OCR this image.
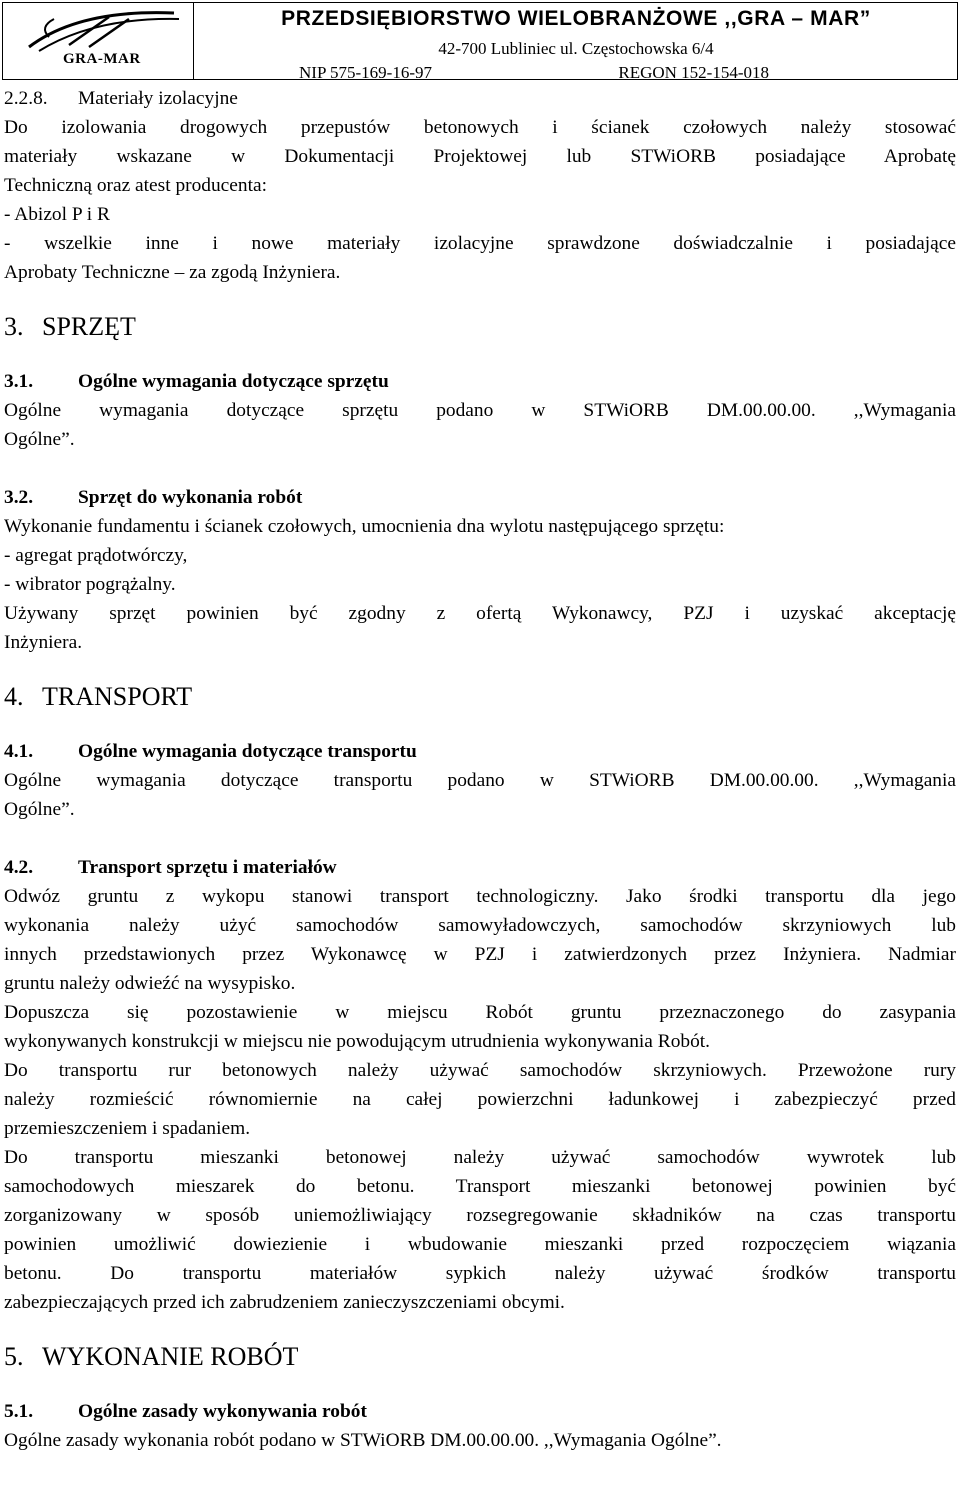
GRA-MAR
PRZEDSIĘBIORSTWO WIELOBRANŻOWE ,,GRA – MAR”
42-700 Lubliniec ul. Częstochowska 6/4
NIP 575-169-16-97	REGON 152-154-018
2.2.8. Materiały izolacyjne
Do izolowania drogowych przepustów betonowych i ścianek czołowych należy stosować
materiały wskazane w Dokumentacji Projektowej lub STWiORB posiadające Aprobatę
Techniczną oraz atest producenta:
- Abizol P i R
- wszelkie inne i nowe materiały izolacyjne sprawdzone doświadczalnie i posiadające
Aprobaty Techniczne – za zgodą Inżyniera.
3. SPRZĘT
3.1. Ogólne wymagania dotyczące sprzętu
Ogólne wymagania dotyczące sprzętu podano w STWiORB DM.00.00.00. ,,Wymagania
Ogólne”.
3.2. Sprzęt do wykonania robót
Wykonanie fundamentu i ścianek czołowych, umocnienia dna wylotu następującego sprzętu:
- agregat prądotwórczy,
- wibrator pogrążalny.
Używany sprzęt powinien być zgodny z ofertą Wykonawcy, PZJ i uzyskać akceptację
Inżyniera.
4. TRANSPORT
4.1. Ogólne wymagania dotyczące transportu
Ogólne wymagania dotyczące transportu podano w STWiORB DM.00.00.00. ,,Wymagania
Ogólne”.
4.2. Transport sprzętu i materiałów
Odwóz gruntu z wykopu stanowi transport technologiczny. Jako środki transportu dla jego
wykonania należy użyć samochodów samowyładowczych, samochodów skrzyniowych lub
innych przedstawionych przez Wykonawcę w PZJ i zatwierdzonych przez Inżyniera. Nadmiar
gruntu należy odwieźć na wysypisko.
Dopuszcza się pozostawienie w miejscu Robót gruntu przeznaczonego do zasypania
wykonywanych konstrukcji w miejscu nie powodującym utrudnienia wykonywania Robót.
Do transportu rur betonowych należy używać samochodów skrzyniowych. Przewożone rury
należy rozmieścić równomiernie na całej powierzchni ładunkowej i zabezpieczyć przed
przemieszczeniem i spadaniem.
Do transportu mieszanki betonowej należy używać samochodów wywrotek lub
samochodowych mieszarek do betonu. Transport mieszanki betonowej powinien być
zorganizowany w sposób uniemożliwiający rozsegregowanie składników na czas transportu
powinien umożliwić dowiezienie i wbudowanie mieszanki przed rozpoczęciem wiązania
betonu. Do transportu materiałów sypkich należy używać środków transportu
zabezpieczających przed ich zabrudzeniem zanieczyszczeniami obcymi.
5. WYKONANIE ROBÓT
5.1. Ogólne zasady wykonywania robót
Ogólne zasady wykonania robót podano w STWiORB DM.00.00.00. ,,Wymagania Ogólne”.
